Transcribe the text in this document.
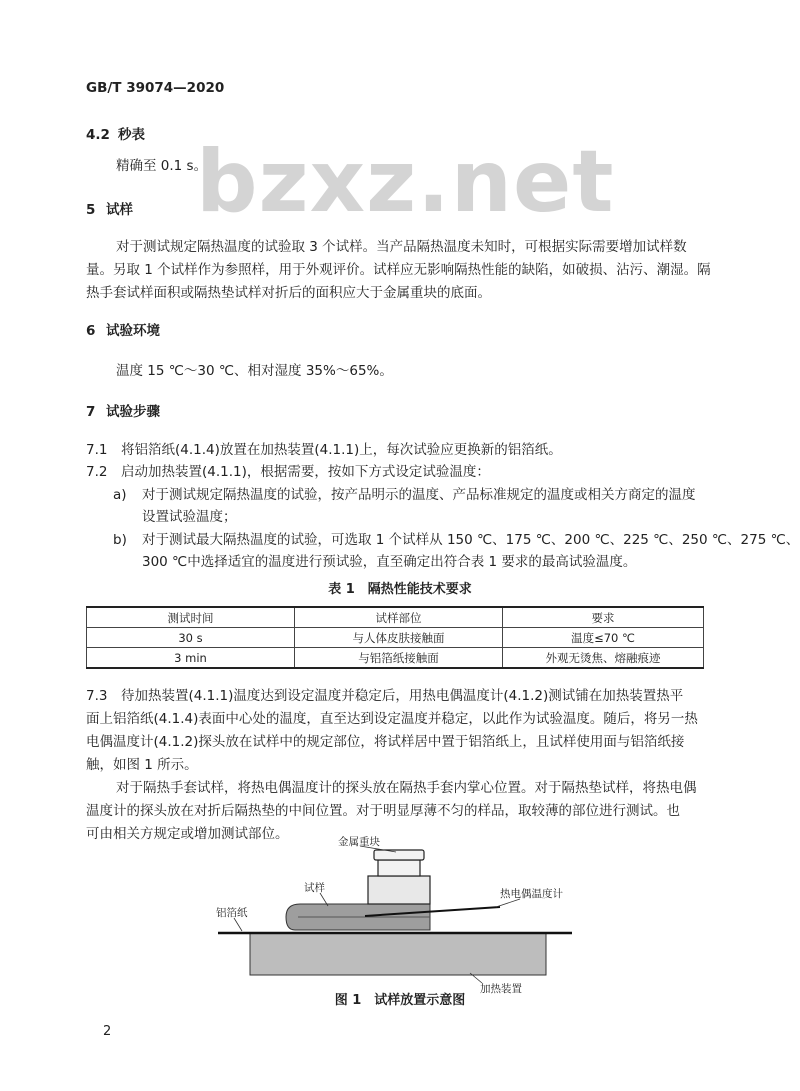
GB/T 39074—2020
bzxz.net
4.2 秒表
精确至 0.1 s。
5 试样
对于测试规定隔热温度的试验取 3 个试样。当产品隔热温度未知时，可根据实际需要增加试样数
量。另取 1 个试样作为参照样，用于外观评价。试样应无影响隔热性能的缺陷，如破损、沾污、潮湿。隔
热手套试样面积或隔热垫试样对折后的面积应大于金属重块的底面。
6 试验环境
温度 15 ℃～30 ℃、相对湿度 35%～65%。
7 试验步骤
7.1　将铝箔纸(4.1.4)放置在加热装置(4.1.1)上，每次试验应更换新的铝箔纸。
7.2　启动加热装置(4.1.1)，根据需要，按如下方式设定试验温度：
a) 对于测试规定隔热温度的试验，按产品明示的温度、产品标准规定的温度或相关方商定的温度
设置试验温度；
b) 对于测试最大隔热温度的试验，可选取 1 个试样从 150 ℃、175 ℃、200 ℃、225 ℃、250 ℃、275 ℃、
300 ℃中选择适宜的温度进行预试验，直至确定出符合表 1 要求的最高试验温度。
表 1　隔热性能技术要求
测试时间	试样部位	要求
30 s	与人体皮肤接触面	温度≤70 ℃
3 min	与铝箔纸接触面	外观无烫焦、熔融痕迹
7.3　待加热装置(4.1.1)温度达到设定温度并稳定后，用热电偶温度计(4.1.2)测试铺在加热装置热平
面上铝箔纸(4.1.4)表面中心处的温度，直至达到设定温度并稳定，以此作为试验温度。随后，将另一热
电偶温度计(4.1.2)探头放在试样中的规定部位，将试样居中置于铝箔纸上，且试样使用面与铝箔纸接
触，如图 1 所示。
对于隔热手套试样，将热电偶温度计的探头放在隔热手套内掌心位置。对于隔热垫试样，将热电偶
温度计的探头放在对折后隔热垫的中间位置。对于明显厚薄不匀的样品，取较薄的部位进行测试。也
可由相关方规定或增加测试部位。	金属重块
试样
铝箔纸
热电偶温度计
加热装置
图 1　试样放置示意图
2
